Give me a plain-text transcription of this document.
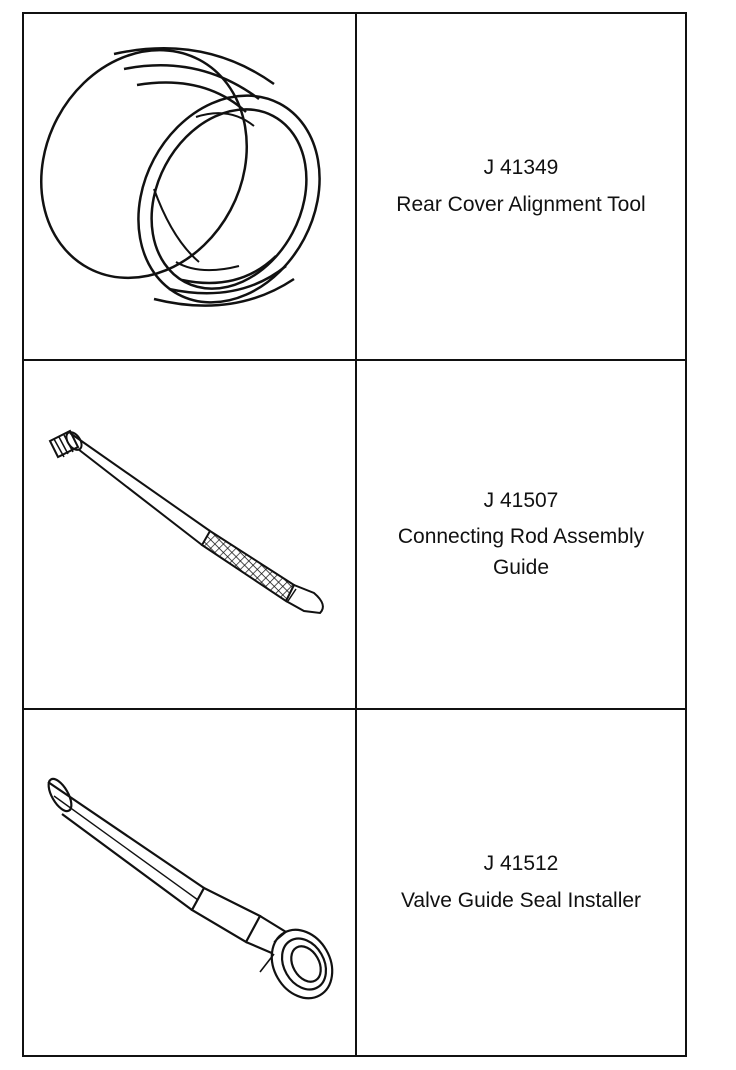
J 41349
Rear Cover Alignment Tool
J 41507
Connecting Rod Assembly
Guide
J 41512
Valve Guide Seal Installer
